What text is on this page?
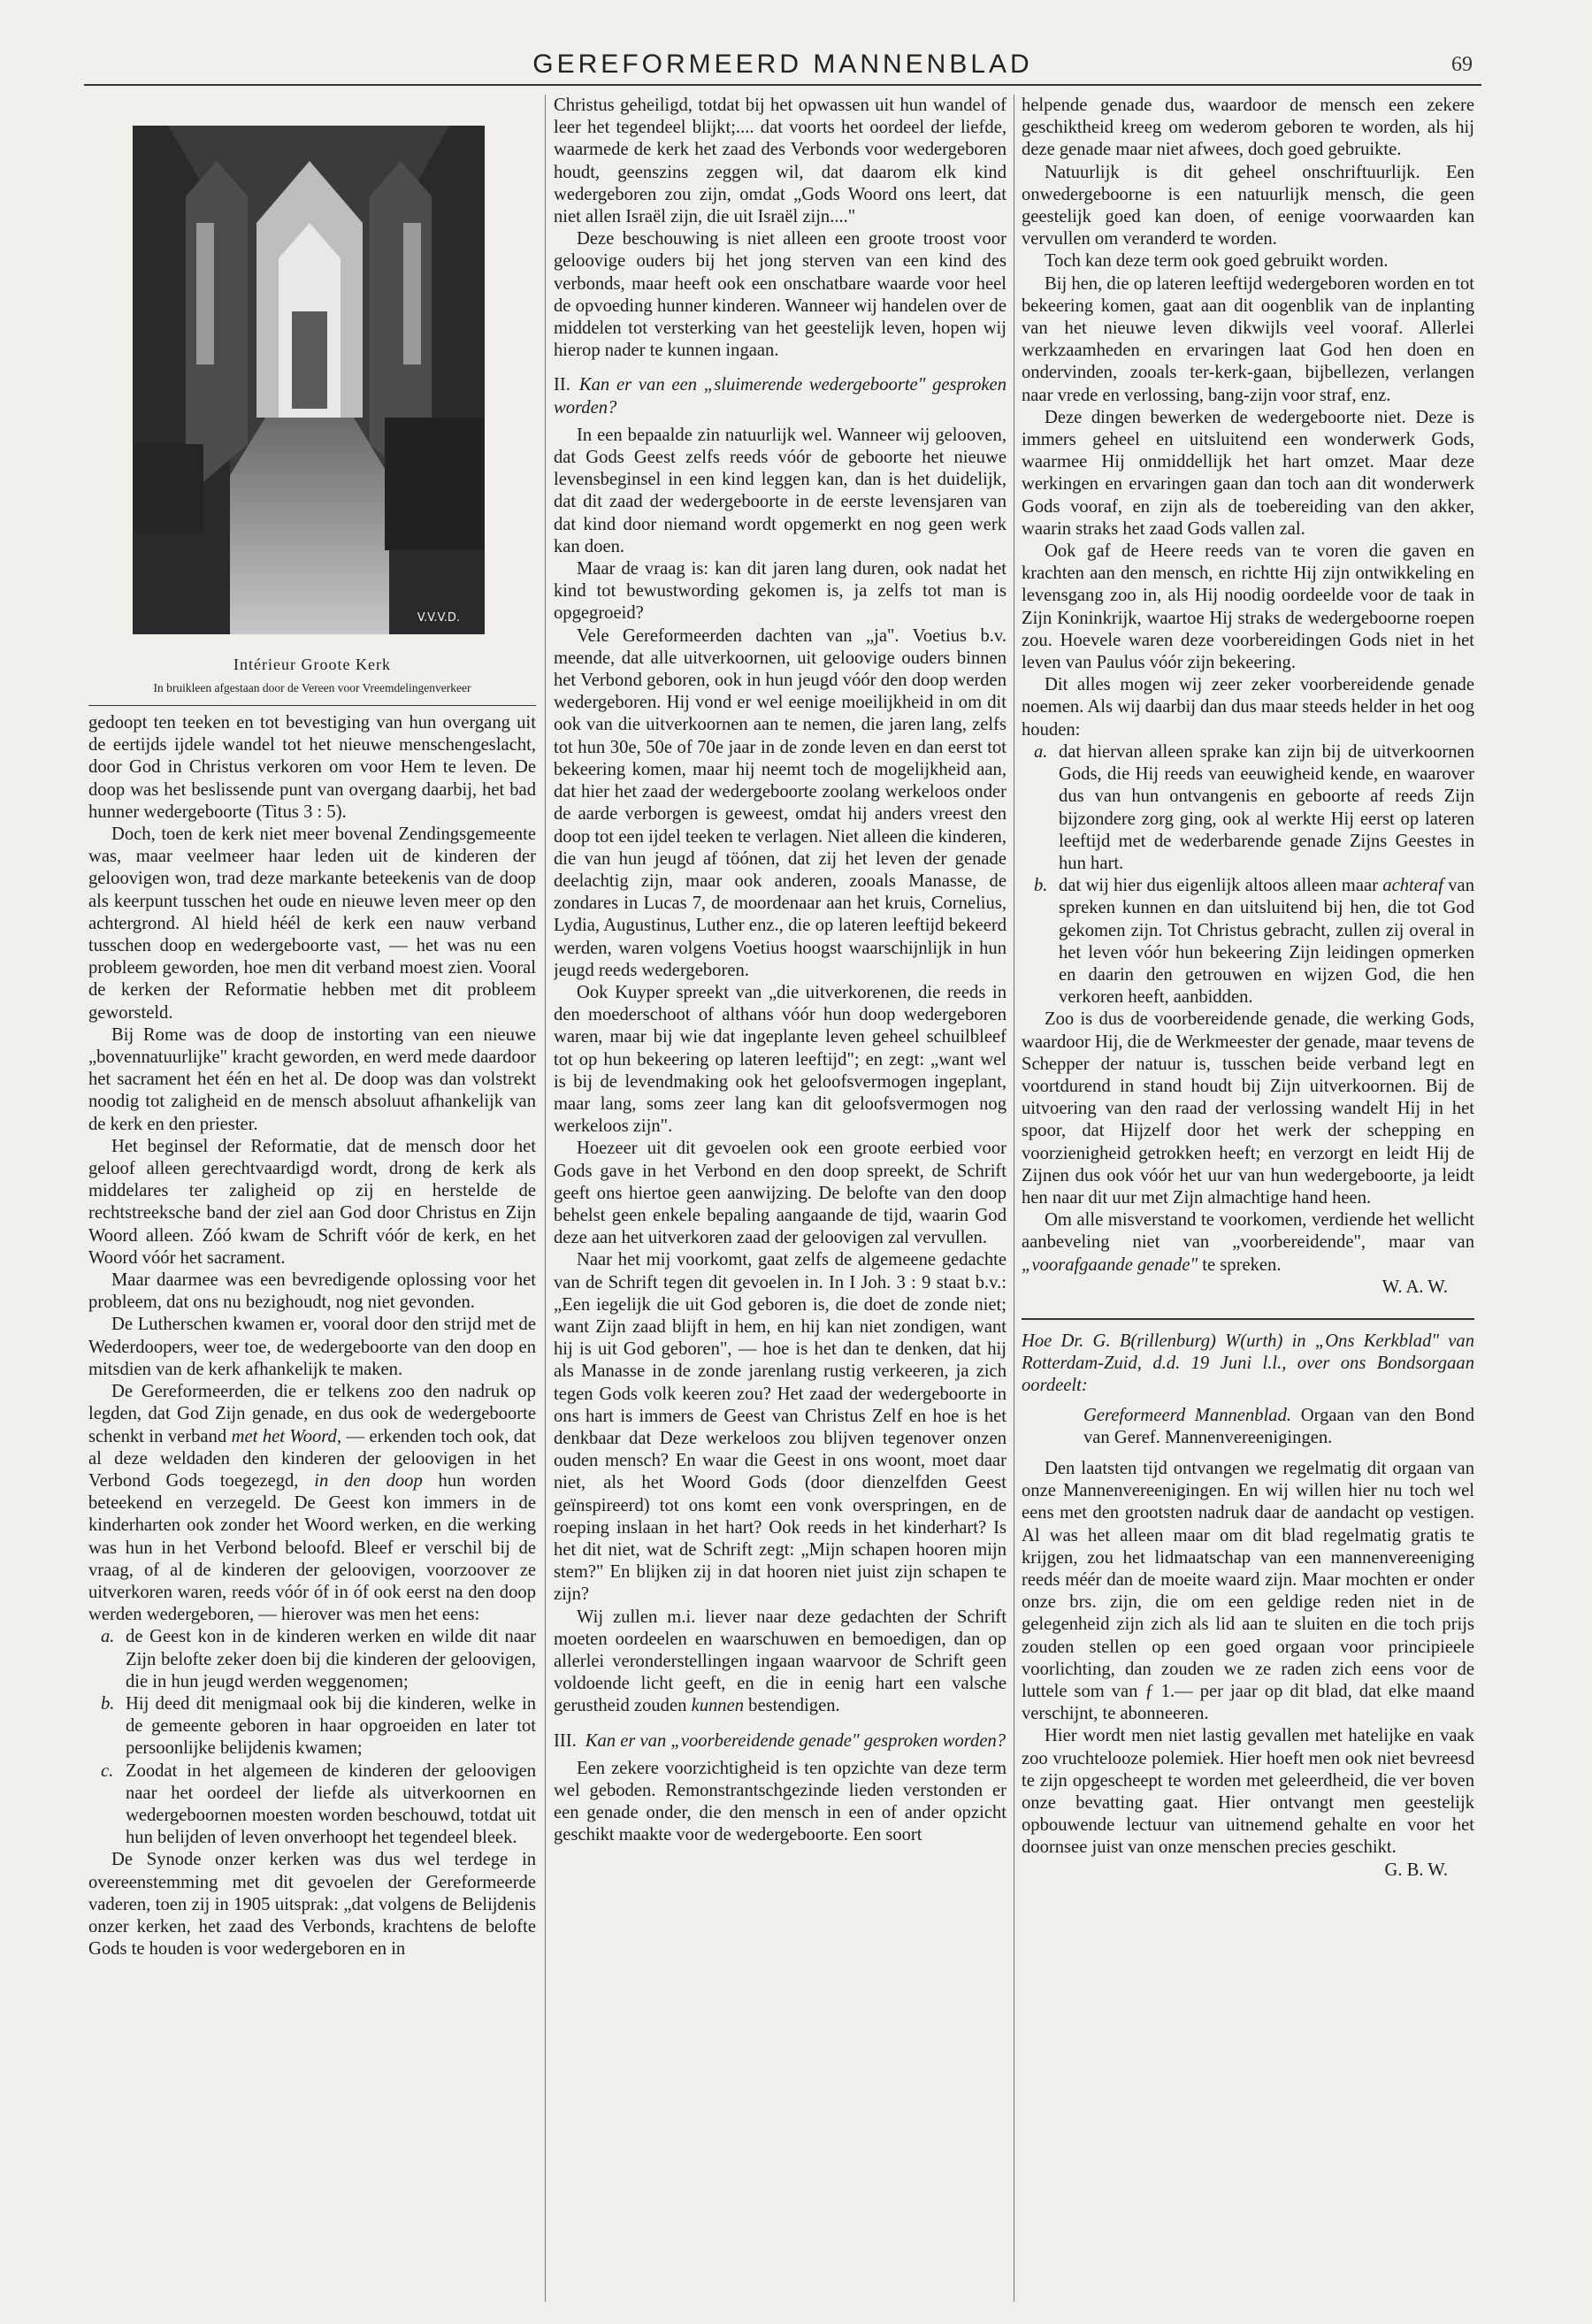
GEREFORMEERD MANNENBLAD	69
V.V.V.D.
Intérieur Groote Kerk
In bruikleen afgestaan door de Vereen voor Vreemdelingenverkeer

gedoopt ten teeken en tot bevestiging van hun overgang uit de eertijds ijdele wandel tot het nieuwe menschengeslacht, door God in Christus verkoren om voor Hem te leven. De doop was het beslissende punt van overgang daarbij, het bad hunner wedergeboorte (Titus 3 : 5).

Doch, toen de kerk niet meer bovenal Zendingsgemeente was, maar veelmeer haar leden uit de kinderen der geloovigen won, trad deze markante beteekenis van de doop als keerpunt tusschen het oude en nieuwe leven meer op den achtergrond. Al hield héél de kerk een nauw verband tusschen doop en wedergeboorte vast, — het was nu een probleem geworden, hoe men dit verband moest zien. Vooral de kerken der Reformatie hebben met dit probleem geworsteld.

Bij Rome was de doop de instorting van een nieuwe „bovennatuurlijke" kracht geworden, en werd mede daardoor het sacrament het één en het al. De doop was dan volstrekt noodig tot zaligheid en de mensch absoluut afhankelijk van de kerk en den priester.

Het beginsel der Reformatie, dat de mensch door het geloof alleen gerechtvaardigd wordt, drong de kerk als middelares ter zaligheid op zij en herstelde de rechtstreeksche band der ziel aan God door Christus en Zijn Woord alleen. Zóó kwam de Schrift vóór de kerk, en het Woord vóór het sacrament.

Maar daarmee was een bevredigende oplossing voor het probleem, dat ons nu bezighoudt, nog niet gevonden.

De Lutherschen kwamen er, vooral door den strijd met de Wederdoopers, weer toe, de wedergeboorte van den doop en mitsdien van de kerk afhankelijk te maken.

De Gereformeerden, die er telkens zoo den nadruk op legden, dat God Zijn genade, en dus ook de wedergeboorte schenkt in verband met het Woord, — erkenden toch ook, dat al deze weldaden den kinderen der geloovigen in het Verbond Gods toegezegd, in den doop hun worden beteekend en verzegeld. De Geest kon immers in de kinderharten ook zonder het Woord werken, en die werking was hun in het Verbond beloofd. Bleef er verschil bij de vraag, of al de kinderen der geloovigen, voorzoover ze uitverkoren waren, reeds vóór óf in óf ook eerst na den doop werden wedergeboren, — hierover was men het eens:

a. de Geest kon in de kinderen werken en wilde dit naar Zijn belofte zeker doen bij die kinderen der geloovigen, die in hun jeugd werden weggenomen;
b. Hij deed dit menigmaal ook bij die kinderen, welke in de gemeente geboren in haar opgroeiden en later tot persoonlijke belijdenis kwamen;
c. Zoodat in het algemeen de kinderen der geloovigen naar het oordeel der liefde als uitverkoornen en wedergeboornen moesten worden beschouwd, totdat uit hun belijden of leven onverhoopt het tegendeel bleek.

De Synode onzer kerken was dus wel terdege in overeenstemming met dit gevoelen der Gereformeerde vaderen, toen zij in 1905 uitsprak: „dat volgens de Belijdenis onzer kerken, het zaad des Verbonds, krachtens de belofte Gods te houden is voor wedergeboren en in

Christus geheiligd, totdat bij het opwassen uit hun wandel of leer het tegendeel blijkt;.... dat voorts het oordeel der liefde, waarmede de kerk het zaad des Verbonds voor wedergeboren houdt, geenszins zeggen wil, dat daarom elk kind wedergeboren zou zijn, omdat „Gods Woord ons leert, dat niet allen Israël zijn, die uit Israël zijn...."

Deze beschouwing is niet alleen een groote troost voor geloovige ouders bij het jong sterven van een kind des verbonds, maar heeft ook een onschatbare waarde voor heel de opvoeding hunner kinderen. Wanneer wij handelen over de middelen tot versterking van het geestelijk leven, hopen wij hierop nader te kunnen ingaan.

II. Kan er van een „sluimerende wedergeboorte" gesproken worden?

In een bepaalde zin natuurlijk wel. Wanneer wij gelooven, dat Gods Geest zelfs reeds vóór de geboorte het nieuwe levensbeginsel in een kind leggen kan, dan is het duidelijk, dat dit zaad der wedergeboorte in de eerste levensjaren van dat kind door niemand wordt opgemerkt en nog geen werk kan doen.

Maar de vraag is: kan dit jaren lang duren, ook nadat het kind tot bewustwording gekomen is, ja zelfs tot man is opgegroeid?

Vele Gereformeerden dachten van „ja". Voetius b.v. meende, dat alle uitverkoornen, uit geloovige ouders binnen het Verbond geboren, ook in hun jeugd vóór den doop werden wedergeboren. Hij vond er wel eenige moeilijkheid in om dit ook van die uitverkoornen aan te nemen, die jaren lang, zelfs tot hun 30e, 50e of 70e jaar in de zonde leven en dan eerst tot bekeering komen, maar hij neemt toch de mogelijkheid aan, dat hier het zaad der wedergeboorte zoolang werkeloos onder de aarde verborgen is geweest, omdat hij anders vreest den doop tot een ijdel teeken te verlagen. Niet alleen die kinderen, die van hun jeugd af töónen, dat zij het leven der genade deelachtig zijn, maar ook anderen, zooals Manasse, de zondares in Lucas 7, de moordenaar aan het kruis, Cornelius, Lydia, Augustinus, Luther enz., die op lateren leeftijd bekeerd werden, waren volgens Voetius hoogst waarschijnlijk in hun jeugd reeds wedergeboren.

Ook Kuyper spreekt van „die uitverkorenen, die reeds in den moederschoot of althans vóór hun doop wedergeboren waren, maar bij wie dat ingeplante leven geheel schuilbleef tot op hun bekeering op lateren leeftijd"; en zegt: „want wel is bij de levendmaking ook het geloofsvermogen ingeplant, maar lang, soms zeer lang kan dit geloofsvermogen nog werkeloos zijn".

Hoezeer uit dit gevoelen ook een groote eerbied voor Gods gave in het Verbond en den doop spreekt, de Schrift geeft ons hiertoe geen aanwijzing. De belofte van den doop behelst geen enkele bepaling aangaande de tijd, waarin God deze aan het uitverkoren zaad der geloovigen zal vervullen.

Naar het mij voorkomt, gaat zelfs de algemeene gedachte van de Schrift tegen dit gevoelen in. In I Joh. 3 : 9 staat b.v.: „Een iegelijk die uit God geboren is, die doet de zonde niet; want Zijn zaad blijft in hem, en hij kan niet zondigen, want hij is uit God geboren", — hoe is het dan te denken, dat hij als Manasse in de zonde jarenlang rustig verkeeren, ja zich tegen Gods volk keeren zou? Het zaad der wedergeboorte in ons hart is immers de Geest van Christus Zelf en hoe is het denkbaar dat Deze werkeloos zou blijven tegenover onzen ouden mensch? En waar die Geest in ons woont, moet daar niet, als het Woord Gods (door dienzelfden Geest geïnspireerd) tot ons komt een vonk overspringen, en de roeping inslaan in het hart? Ook reeds in het kinderhart? Is het dit niet, wat de Schrift zegt: „Mijn schapen hooren mijn stem?" En blijken zij in dat hooren niet juist zijn schapen te zijn?

Wij zullen m.i. liever naar deze gedachten der Schrift moeten oordeelen en waarschuwen en bemoedigen, dan op allerlei veronderstellingen ingaan waarvoor de Schrift geen voldoende licht geeft, en die in eenig hart een valsche gerustheid zouden kunnen bestendigen.

III. Kan er van „voorbereidende genade" gesproken worden?

Een zekere voorzichtigheid is ten opzichte van deze term wel geboden. Remonstrantschgezinde lieden verstonden er een genade onder, die den mensch in een of ander opzicht geschikt maakte voor de wedergeboorte. Een soort

helpende genade dus, waardoor de mensch een zekere geschiktheid kreeg om wederom geboren te worden, als hij deze genade maar niet afwees, doch goed gebruikte.

Natuurlijk is dit geheel onschriftuurlijk. Een onwedergeboorne is een natuurlijk mensch, die geen geestelijk goed kan doen, of eenige voorwaarden kan vervullen om veranderd te worden.

Toch kan deze term ook goed gebruikt worden.

Bij hen, die op lateren leeftijd wedergeboren worden en tot bekeering komen, gaat aan dit oogenblik van de inplanting van het nieuwe leven dikwijls veel vooraf. Allerlei werkzaamheden en ervaringen laat God hen doen en ondervinden, zooals ter-kerk-gaan, bijbellezen, verlangen naar vrede en verlossing, bang-zijn voor straf, enz.

Deze dingen bewerken de wedergeboorte niet. Deze is immers geheel en uitsluitend een wonderwerk Gods, waarmee Hij onmiddellijk het hart omzet. Maar deze werkingen en ervaringen gaan dan toch aan dit wonderwerk Gods vooraf, en zijn als de toebereiding van den akker, waarin straks het zaad Gods vallen zal.

Ook gaf de Heere reeds van te voren die gaven en krachten aan den mensch, en richtte Hij zijn ontwikkeling en levensgang zoo in, als Hij noodig oordeelde voor de taak in Zijn Koninkrijk, waartoe Hij straks de wedergeboorne roepen zou. Hoevele waren deze voorbereidingen Gods niet in het leven van Paulus vóór zijn bekeering.

Dit alles mogen wij zeer zeker voorbereidende genade noemen. Als wij daarbij dan dus maar steeds helder in het oog houden:

a. dat hiervan alleen sprake kan zijn bij de uitverkoornen Gods, die Hij reeds van eeuwigheid kende, en waarover dus van hun ontvangenis en geboorte af reeds Zijn bijzondere zorg ging, ook al werkte Hij eerst op lateren leeftijd met de wederbarende genade Zijns Geestes in hun hart.
b. dat wij hier dus eigenlijk altoos alleen maar achteraf van spreken kunnen en dan uitsluitend bij hen, die tot God gekomen zijn. Tot Christus gebracht, zullen zij overal in het leven vóór hun bekeering Zijn leidingen opmerken en daarin den getrouwen en wijzen God, die hen verkoren heeft, aanbidden.

Zoo is dus de voorbereidende genade, die werking Gods, waardoor Hij, die de Werkmeester der genade, maar tevens de Schepper der natuur is, tusschen beide verband legt en voortdurend in stand houdt bij Zijn uitverkoornen. Bij de uitvoering van den raad der verlossing wandelt Hij in het spoor, dat Hijzelf door het werk der schepping en voorzienigheid getrokken heeft; en verzorgt en leidt Hij de Zijnen dus ook vóór het uur van hun wedergeboorte, ja leidt hen naar dit uur met Zijn almachtige hand heen.

Om alle misverstand te voorkomen, verdiende het wellicht aanbeveling niet van „voorbereidende", maar van „voorafgaande genade" te spreken.

W. A. W.

Hoe Dr. G. B(rillenburg) W(urth) in „Ons Kerkblad" van Rotterdam-Zuid, d.d. 19 Juni l.l., over ons Bondsorgaan oordeelt:

Gereformeerd Mannenblad. Orgaan van den Bond van Geref. Mannenvereenigingen.

Den laatsten tijd ontvangen we regelmatig dit orgaan van onze Mannenvereenigingen. En wij willen hier nu toch wel eens met den grootsten nadruk daar de aandacht op vestigen. Al was het alleen maar om dit blad regelmatig gratis te krijgen, zou het lidmaatschap van een mannenvereeniging reeds méér dan de moeite waard zijn. Maar mochten er onder onze brs. zijn, die om een geldige reden niet in de gelegenheid zijn zich als lid aan te sluiten en die toch prijs zouden stellen op een goed orgaan voor principieele voorlichting, dan zouden we ze raden zich eens voor de luttele som van ƒ 1.— per jaar op dit blad, dat elke maand verschijnt, te abonneeren.

Hier wordt men niet lastig gevallen met hatelijke en vaak zoo vruchtelooze polemiek. Hier hoeft men ook niet bevreesd te zijn opgescheept te worden met geleerdheid, die ver boven onze bevatting gaat. Hier ontvangt men geestelijk opbouwende lectuur van uitnemend gehalte en voor het doornsee juist van onze menschen precies geschikt.

G. B. W.
